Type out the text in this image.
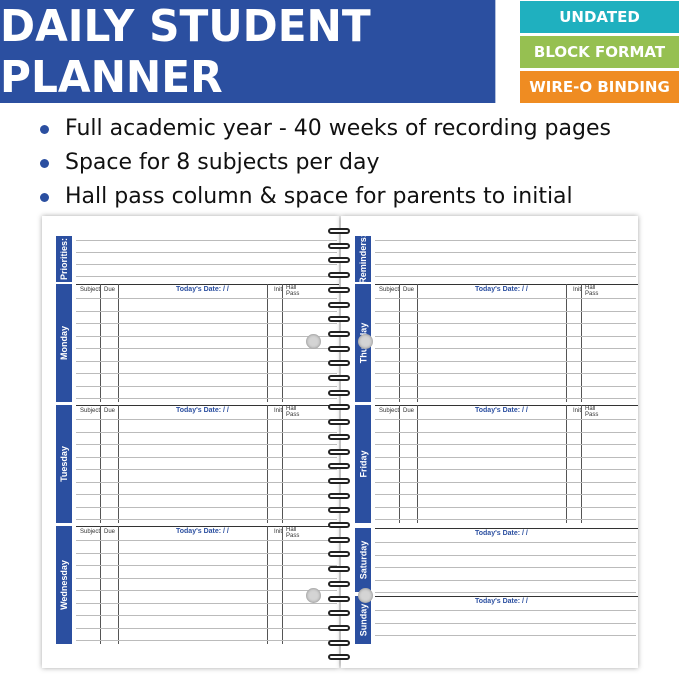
DAILY STUDENT PLANNER
UNDATED
BLOCK FORMAT
WIRE-O BINDING
Full academic year - 40 weeks of recording pages
Space for 8 subjects per day
Hall pass column & space for parents to initial
Priorities:
Monday
Subject Due	Today's Date: / /	Init Hall
Pass
Tuesday
Subject Due	Today's Date: / /	Init Hall
Pass
Wednesday
Subject Due	Today's Date: / /	Init Hall
Pass
Reminders:
Subject Due	Today's Date: / /	Init Hall
Pass
Friday
Subject Due	Today's Date: / /	Init Hall
Pass
Saturday
Today's Date: / /
Sunday
Today's Date: / /
